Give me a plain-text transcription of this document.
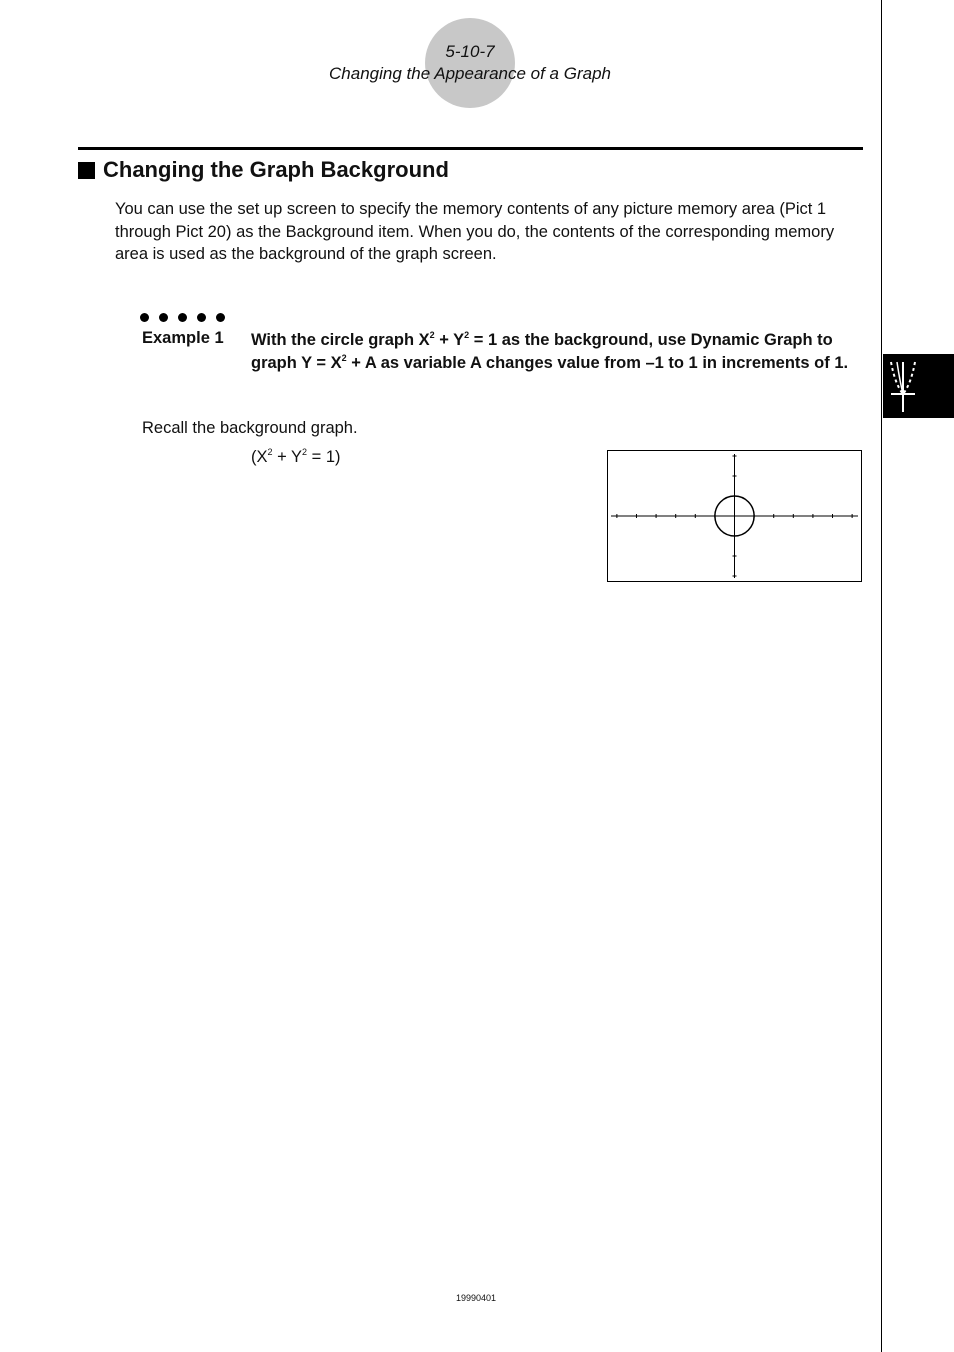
5-10-7
Changing the Appearance of a Graph
Changing the Graph Background
You can use the set up screen to specify the memory contents of any picture memory area (Pict 1 through Pict 20) as the Background item. When you do, the contents of the corresponding memory area is used as the background of the graph screen.
Example 1 With the circle graph $X^2 + Y^2 = 1$ as the background, use Dynamic Graph to graph $Y = X^2 + A$ as variable A changes value from –1 to 1 in increments of 1.
Recall the background graph.
$(X^2 + Y^2 = 1)$
19990401
